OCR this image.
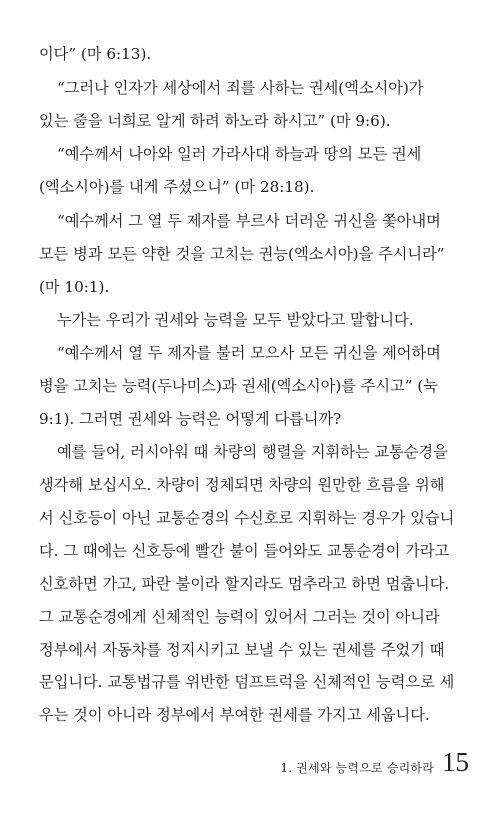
이다” (마 6:13).
“그러나 인자가 세상에서 죄를 사하는 권세(엑소시아)가
있는 줄을 너희로 알게 하려 하노라 하시고” (마 9:6).
“예수께서 나아와 일러 가라사대 하늘과 땅의 모든 권세
(엑소시아)를 내게 주셨으니” (마 28:18).
“예수께서 그 열 두 제자를 부르사 더러운 귀신을 쫓아내며
모든 병과 모든 약한 것을 고치는 권능(엑소시아)을 주시니라”
(마 10:1).
누가는 우리가 권세와 능력을 모두 받았다고 말합니다.
“예수께서 열 두 제자를 불러 모으사 모든 귀신을 제어하며
병을 고치는 능력(두나미스)과 권세(엑소시아)를 주시고” (눅
9:1). 그러면 권세와 능력은 어떻게 다릅니까?
예를 들어, 러시아워 때 차량의 행렬을 지휘하는 교통순경을
생각해 보십시오. 차량이 정체되면 차량의 원만한 흐름을 위해
서 신호등이 아닌 교통순경의 수신호로 지휘하는 경우가 있습니
다. 그 때에는 신호등에 빨간 불이 들어와도 교통순경이 가라고
신호하면 가고, 파란 불이라 할지라도 멈추라고 하면 멈춥니다.
그 교통순경에게 신체적인 능력이 있어서 그러는 것이 아니라
정부에서 자동차를 정지시키고 보낼 수 있는 권세를 주었기 때
문입니다. 교통법규를 위반한 덤프트럭을 신체적인 능력으로 세
우는 것이 아니라 정부에서 부여한 권세를 가지고 세웁니다.
1. 권세와 능력으로 승리하라 15
